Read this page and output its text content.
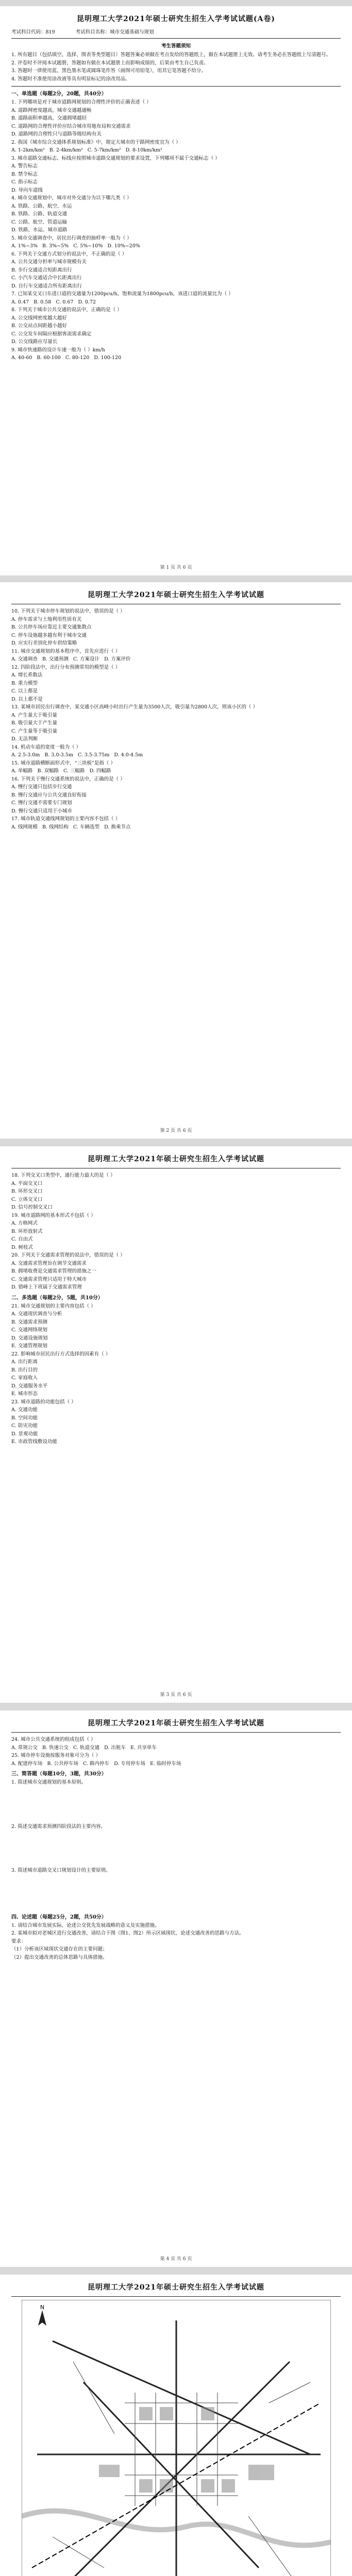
昆明理工大学2021年硕士研究生招生入学考试试题(A卷)
考试科目代码：819	考试科目名称：城市交通基础与规划
考生答题须知
1. 所有题目（包括填空、选择、图表等类型题目）答题答案必须做在考点发给的答题纸上，做在本试题册上无效。请考生务必在答题纸上写清题号。
2. 评卷时不评阅本试题册，答题如有做在本试题册上而影响成绩的，后果由考生自己负责。
3. 答题时一律使用蓝、黑色墨水笔或圆珠笔作答（画图可用铅笔），用其它笔答题不给分。
4. 答题时不准使用涂改液等具有明显标记的涂改用品。
一、单选题（每题2分，20题，共40分）
1. 下列哪项是对于城市道路网规划的合理性评价的正确表述（ ）
A. 道路网密度越高，城市交通越通畅
B. 道路面积率越高，交通拥堵越轻
C. 道路网的合理性评价应结合城市用地布局和交通需求
D. 道路网的合理性只与道路等级结构有关
2. 我国《城市综合交通体系规划标准》中，规定大城市的干路网密度宜为（ ）
A. 1-2km/km²   B. 2-4km/km²   C. 5-7km/km²   D. 8-10km/km²
3. 城市道路交通标志、标线应按照城市道路交通规划的要求设置，下列哪项不属于交通标志（ ）
A. 警告标志
B. 禁令标志
C. 指示标志
D. 导向车道线
4. 城市交通规划中，城市对外交通分为以下哪几类（ ）
A. 铁路、公路、航空、水运
B. 铁路、公路、轨道交通
C. 公路、航空、管道运输
D. 铁路、水运、城市道路
5. 城市交通调查中，居民出行调查的抽样率一般为（ ）
A. 1%~3%   B. 3%~5%   C. 5%~10%   D. 10%~20%
6. 下列关于交通方式划分的说法中，不正确的是（ ）
A. 公共交通分担率与城市规模有关
B. 步行交通适合短距离出行
C. 小汽车交通适合中长距离出行
D. 自行车交通适合所有距离出行
7. 已知某交叉口东进口道的交通量为1200pcu/h，饱和流量为1800pcu/h，该进口道的流量比为（ ）
A. 0.47   B. 0.58   C. 0.67   D. 0.72
8. 下列关于城市公共交通的说法中，正确的是（ ）
A. 公交线网密度越大越好
B. 公交站点间距越小越好
C. 公交发车间隔应根据客流需求确定
D. 公交线路应尽量长
9. 城市快速路的设计车速一般为（ ）km/h
A. 40-60   B. 60-100   C. 80-120   D. 100-120
第 1 页 共 6 页
昆明理工大学2021年硕士研究生招生入学考试试题
10. 下列关于城市停车规划的说法中，错误的是（ ）
A. 停车需求与土地利用性质有关
B. 公共停车场应靠近主要交通集散点
C. 停车设施越多越有利于城市交通
D. 应实行差别化停车供给策略
11. 城市交通规划的基本程序中，首先应进行（ ）
A. 交通调查   B. 交通预测   C. 方案设计   D. 方案评价
12. 四阶段法中，出行分布预测常用的模型是（ ）
A. 增长系数法
B. 重力模型
C. 以上都是
D. 以上都不是
13. 某城市居民出行调查中，某交通小区高峰小时出行产生量为3500人次，吸引量为2800人次，则该小区的（ ）
A. 产生量大于吸引量
B. 吸引量大于产生量
C. 产生量等于吸引量
D. 无法判断
14. 机动车道的宽度一般为（ ）
A. 2.5-3.0m   B. 3.0-3.5m   C. 3.5-3.75m   D. 4.0-4.5m
15. 城市道路横断面形式中，“三块板”是指（ ）
A. 单幅路   B. 双幅路   C. 三幅路   D. 四幅路
16. 下列关于慢行交通系统的说法中，正确的是（ ）
A. 慢行交通只包括步行交通
B. 慢行交通应与公共交通良好衔接
C. 慢行交通不需要专门规划
D. 慢行交通只适用于小城市
17. 城市轨道交通线网规划的主要内容不包括（ ）
A. 线网规模   B. 线网结构   C. 车辆选型   D. 换乘节点
第 2 页 共 6 页
昆明理工大学2021年硕士研究生招生入学考试试题
18. 下列交叉口类型中，通行能力最大的是（ ）
A. 平面交叉口
B. 环形交叉口
C. 立体交叉口
D. 信号控制交叉口
19. 城市道路网的基本形式不包括（ ）
A. 方格网式
B. 环形放射式
C. 自由式
D. 树枝式
20. 下列关于交通需求管理的说法中，错误的是（ ）
A. 交通需求管理旨在调节交通需求
B. 拥堵收费是交通需求管理的措施之一
C. 交通需求管理只适用于特大城市
D. 错峰上下班属于交通需求管理
二、多选题（每题2分，5题，共10分）
21. 城市交通规划的主要内容包括（ ）
A. 交通现状调查与分析
B. 交通需求预测
C. 交通网络规划
D. 交通设施规划
E. 交通管理规划
22. 影响城市居民出行方式选择的因素有（ ）
A. 出行距离
B. 出行目的
C. 家庭收入
D. 交通服务水平
E. 城市形态
23. 城市道路的功能包括（ ）
A. 交通功能
B. 空间功能
C. 防灾功能
D. 景观功能
E. 市政管线敷设功能
第 3 页 共 6 页
昆明理工大学2021年硕士研究生招生入学考试试题
24. 城市公共交通系统的组成包括（ ）
A. 常规公交   B. 快速公交   C. 轨道交通   D. 出租车   E. 共享单车
25. 城市停车设施按服务对象可分为（ ）
A. 配建停车场   B. 公共停车场   C. 路内停车   D. 专用停车场   E. 临时停车场
三、简答题（每题10分，3题，共30分）
1. 简述城市交通规划的基本原则。

2. 简述交通需求预测四阶段法的主要内容。

3. 简述城市道路交叉口规划设计的主要原则。

四、论述题（每题25分，2题，共50分）
1. 请结合城市发展实际，论述公交优先发展战略的意义及实施措施。
2. 某城市拟对老城区进行交通改善，请结合下图（图1、图2）所示区域现状，论述交通改善的思路与方法。
要求：
（1）分析该区域现状交通存在的主要问题；
（2）提出交通改善的总体思路与具体措施。
第 4 页 共 6 页
昆明理工大学2021年硕士研究生招生入学考试试题
N
